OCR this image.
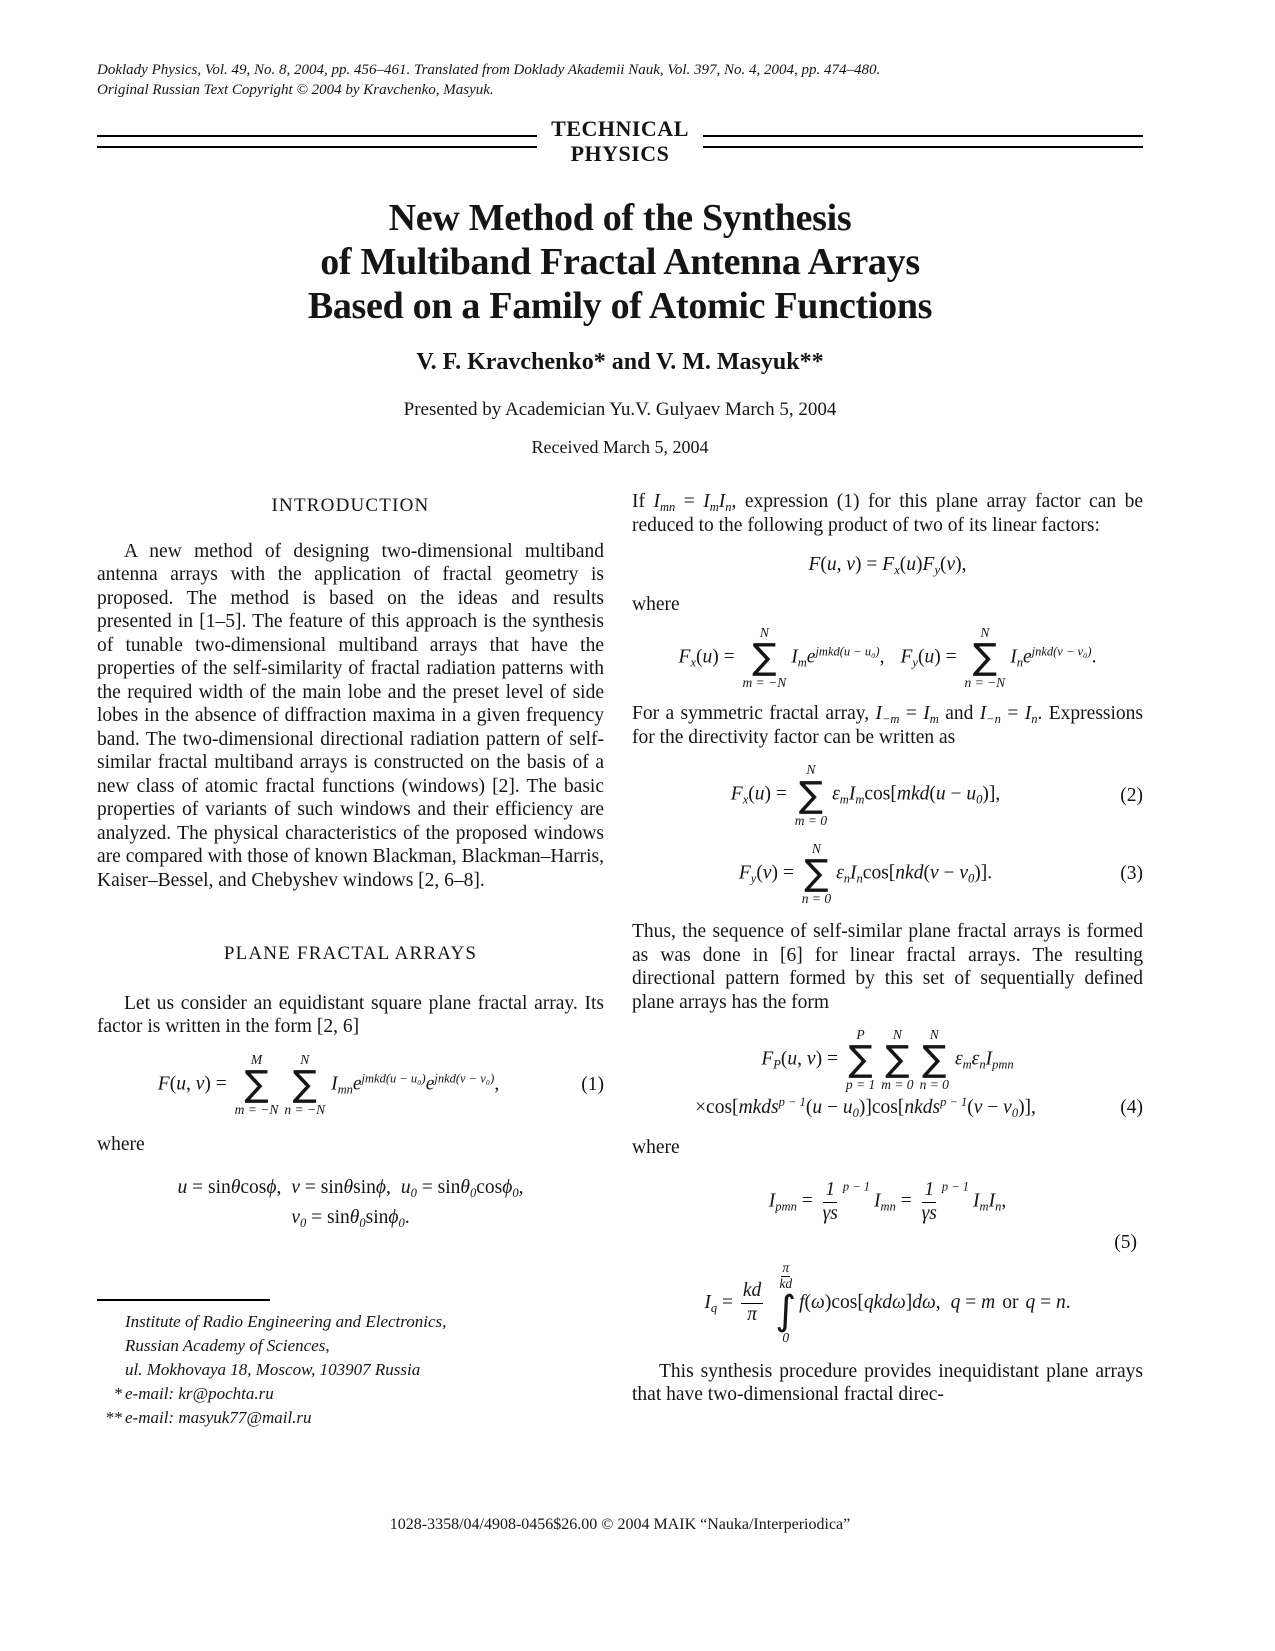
Doklady Physics, Vol. 49, No. 8, 2004, pp. 456–461. Translated from Doklady Akademii Nauk, Vol. 397, No. 4, 2004, pp. 474–480.
Original Russian Text Copyright © 2004 by Kravchenko, Masyuk.
TECHNICAL
PHYSICS
New Method of the Synthesis
of Multiband Fractal Antenna Arrays
Based on a Family of Atomic Functions
V. F. Kravchenko* and V. M. Masyuk**
Presented by Academician Yu.V. Gulyaev March 5, 2004
Received March 5, 2004
INTRODUCTION

A new method of designing two-dimensional multiband antenna arrays with the application of fractal geometry is proposed. The method is based on the ideas and results presented in [1–5]. The feature of this approach is the synthesis of tunable two-dimensional multiband arrays that have the properties of the self-similarity of fractal radiation patterns with the required width of the main lobe and the preset level of side lobes in the absence of diffraction maxima in a given frequency band. The two-dimensional directional radiation pattern of self-similar fractal multiband arrays is constructed on the basis of a new class of atomic fractal functions (windows) [2]. The basic properties of variants of such windows and their efficiency are analyzed. The physical characteristics of the proposed windows are compared with those of known Blackman, Blackman–Harris, Kaiser–Bessel, and Chebyshev windows [2, 6–8].

PLANE FRACTAL ARRAYS

Let us consider an equidistant square plane fractal array. Its factor is written in the form [2, 6]

F(u, ν) =
M
∑
m = −N
N
∑
n = −N
$I_{mn}e^{jmkd(u - u_0)}e^{jnkd(\nu - \nu_0)}$,	(1)

where

u = sinθcosϕ, ν = sinθsinϕ, $u_0 = \sin\theta_0\cos\phi_0$,
$\nu_0 = \sin\theta_0\sin\phi_0$.
Institute of Radio Engineering and Electronics,
Russian Academy of Sciences,
ul. Mokhovaya 18, Moscow, 103907 Russia
* e-mail: kr@pochta.ru
** e-mail: masyuk77@mail.ru

If $I_{mn} = I_mI_n$, expression (1) for this plane array factor can be reduced to the following product of two of its linear factors:

F(u, $\nu) = F_x(u)F_y(\nu)$,

where

$F_x(u)$ =
N
∑
m = −N
$I_me^{jmkd(u - u_0)}$, $F_y(u)$ =
N
∑
n = −N
$I_ne^{jnkd(\nu - \nu_0)}$.

For a symmetric fractal array, $I_{-m} = I_m$ and $I_{-n} = I_n$. Expressions for the directivity factor can be written as

$F_x(u)$ =
N
∑
m = 0
$\varepsilon_mI_m\cos[mkd(u - u_0)]$,	(2)
$F_y(\nu)$ =
N
∑
n = 0
$\varepsilon_nI_n\cos[nkd(\nu - \nu_0)]$.	(3)

Thus, the sequence of self-similar plane fractal arrays is formed as was done in [6] for linear fractal arrays. The resulting directional pattern formed by this set of sequentially defined plane arrays has the form

$F_P(u$, ν) =
P
∑
p = 1
N
∑
m = 0
N
∑
n = 0
$\varepsilon_m\varepsilon_nI_{pmn}$
×cos[mkds$^{p - 1}$(u − $u_0)]\cos[nkds^{p - 1}(\nu - \nu_0)]$,	(4)

where

$I_{pmn} = \frac{1}{\gamma s} ^{p - 1}I_{mn} = \frac{1}{\gamma s} ^{p - 1}I_mI_n$,
(5)
$I_q = \frac{kd}{\pi}$
π
kd
∫
0
f(ω)cos[qkdω]dω, q = m or q = n.

This synthesis procedure provides inequidistant plane arrays that have two-dimensional fractal direc-

1028-3358/04/4908-0456$26.00 © 2004 MAIK “Nauka/Interperiodica”
